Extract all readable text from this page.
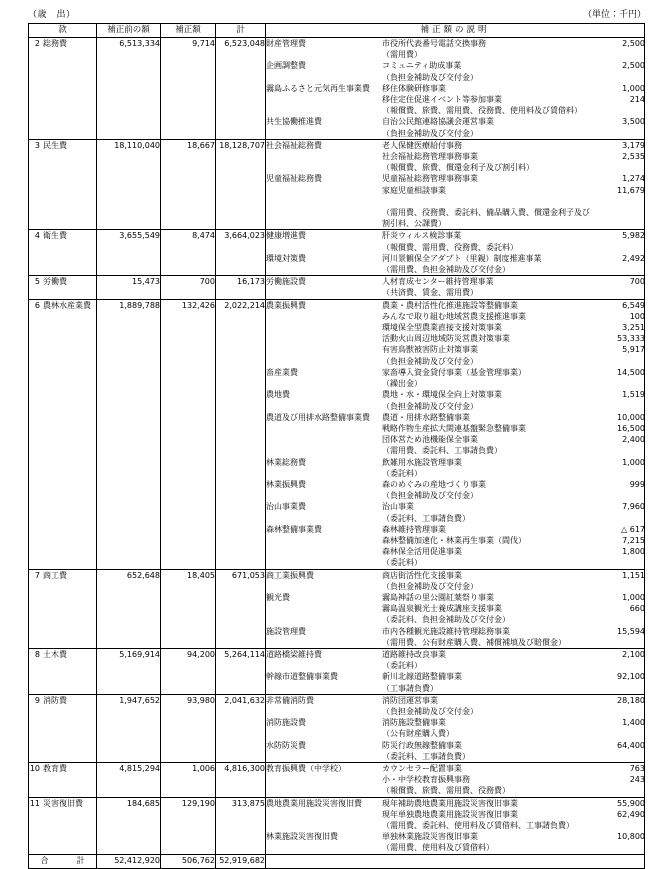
（歳　出）	（単位：千円）
款	補正前の額	補正額	計	補正額の説明
2 総務費	6,513,334	9,714	6,523,048	財産管理費	市役所代表番号電話交換事務	2,500
	（需用費）	
企画調整費	コミュニティ助成事業	2,500
	（負担金補助及び交付金）	
霧島ふるさと元気再生事業費	移住体験研修事業	1,000
	移住定住促進イベント等参加事業	214
	（報償費、旅費、需用費、役務費、使用料及び賃借料）	
共生協働推進費	自治公民館連絡協議会運営事業	3,500
	（負担金補助及び交付金）	

3 民生費	18,110,040	18,667	18,128,707	社会福祉総務費	老人保健医療給付事務	3,179
	社会福祉総務管理事務事業	2,535
	（報償費、旅費、償還金利子及び割引料）	
児童福祉総務費	児童福祉総務管理事務事業	1,274
	家庭児童相談事業	11,679

	（需用費、役務費、委託料、備品購入費、償還金利子及び割引料、公課費）	

4 衛生費	3,655,549	8,474	3,664,023	健康増進費	肝炎ウィルス検診事業	5,982
	（報償費、需用費、役務費、委託料）	
環境対策費	河川景観保全アダプト（里親）制度推進事業	2,492
	（需用費、負担金補助及び交付金）	

5 労働費	15,473	700	16,173	労働施設費	人材育成センター維持管理事業	700
	（共済費、賃金、需用費）	

6 農林水産業費	1,889,788	132,426	2,022,214	農業振興費	農業・農村活性化推進施設等整備事業	6,549
	みんなで取り組む地域営農支援推進事業	100
	環境保全型農業直接支援対策事業	3,251
	活動火山周辺地域防災営農対策事業	53,333
	有害鳥獣被害防止対策事業	5,917
	（負担金補助及び交付金）	
畜産業費	家畜導入資金貸付事業（基金管理事業）	14,500
	（繰出金）	
農地費	農地・水・環境保全向上対策事業	1,519
	（負担金補助及び交付金）	
農道及び用排水路整備事業費	農道・用排水路整備事業	10,000
	戦略作物生産拡大関連基盤緊急整備事業	16,500
	団体営ため池機能保全事業	2,400
	（需用費、委託料、工事請負費）	
林業総務費	飲雑用水施設管理事業	1,000
	（委託料）	
林業振興費	森のめぐみの産地づくり事業	999
	（負担金補助及び交付金）	
治山事業費	治山事業	7,960
	（委託料、工事請負費）	
森林整備事業費	森林維持管理事業	△ 617
	森林整備加速化・林業再生事業（間伐）	7,215
	森林保全活用促進事業	1,800
	（委託料）	

7 商工費	652,648	18,405	671,053	商工業振興費	商店街活性化支援事業	1,151
	（負担金補助及び交付金）	
観光費	霧島神話の里公園紅葉祭り事業	1,000
	霧島温泉観光士養成講座支援事業	660
	（委託料、負担金補助及び交付金）	
施設管理費	市内各種観光施設維持管理総務事業	15,594
	（需用費、公有財産購入費、補償補填及び賠償金）	

8 土木費	5,169,914	94,200	5,264,114	道路橋梁維持費	道路維持改良事業	2,100
	（委託料）	
幹線市道整備事業費	新川北線道路整備事業	92,100
	（工事請負費）	

9 消防費	1,947,652	93,980	2,041,632	非常備消防費	消防団運営事業	28,180
	（負担金補助及び交付金）	
消防施設費	消防施設整備事業	1,400
	（公有財産購入費）	
水防防災費	防災行政無線整備事業	64,400
	（委託料、工事請負費）	

10 教育費	4,815,294	1,006	4,816,300	教育振興費（中学校）	カウンセラー配置事業	763
	小・中学校教育振興事務	243
	（報償費、旅費、需用費、役務費）	

11 災害復旧費	184,685	129,190	313,875	農地農業用施設災害復旧費	現年補助農地農業用施設災害復旧事業	55,900
	現年単独農地農業用施設災害復旧事業	62,490
	（需用費、委託料、使用料及び賃借料、工事請負費）	
林業施設災害復旧費	単独林業施設災害復旧事業	10,800
	（需用費、使用料及び賃借料）	

合　計	52,412,920	506,762	52,919,682	
